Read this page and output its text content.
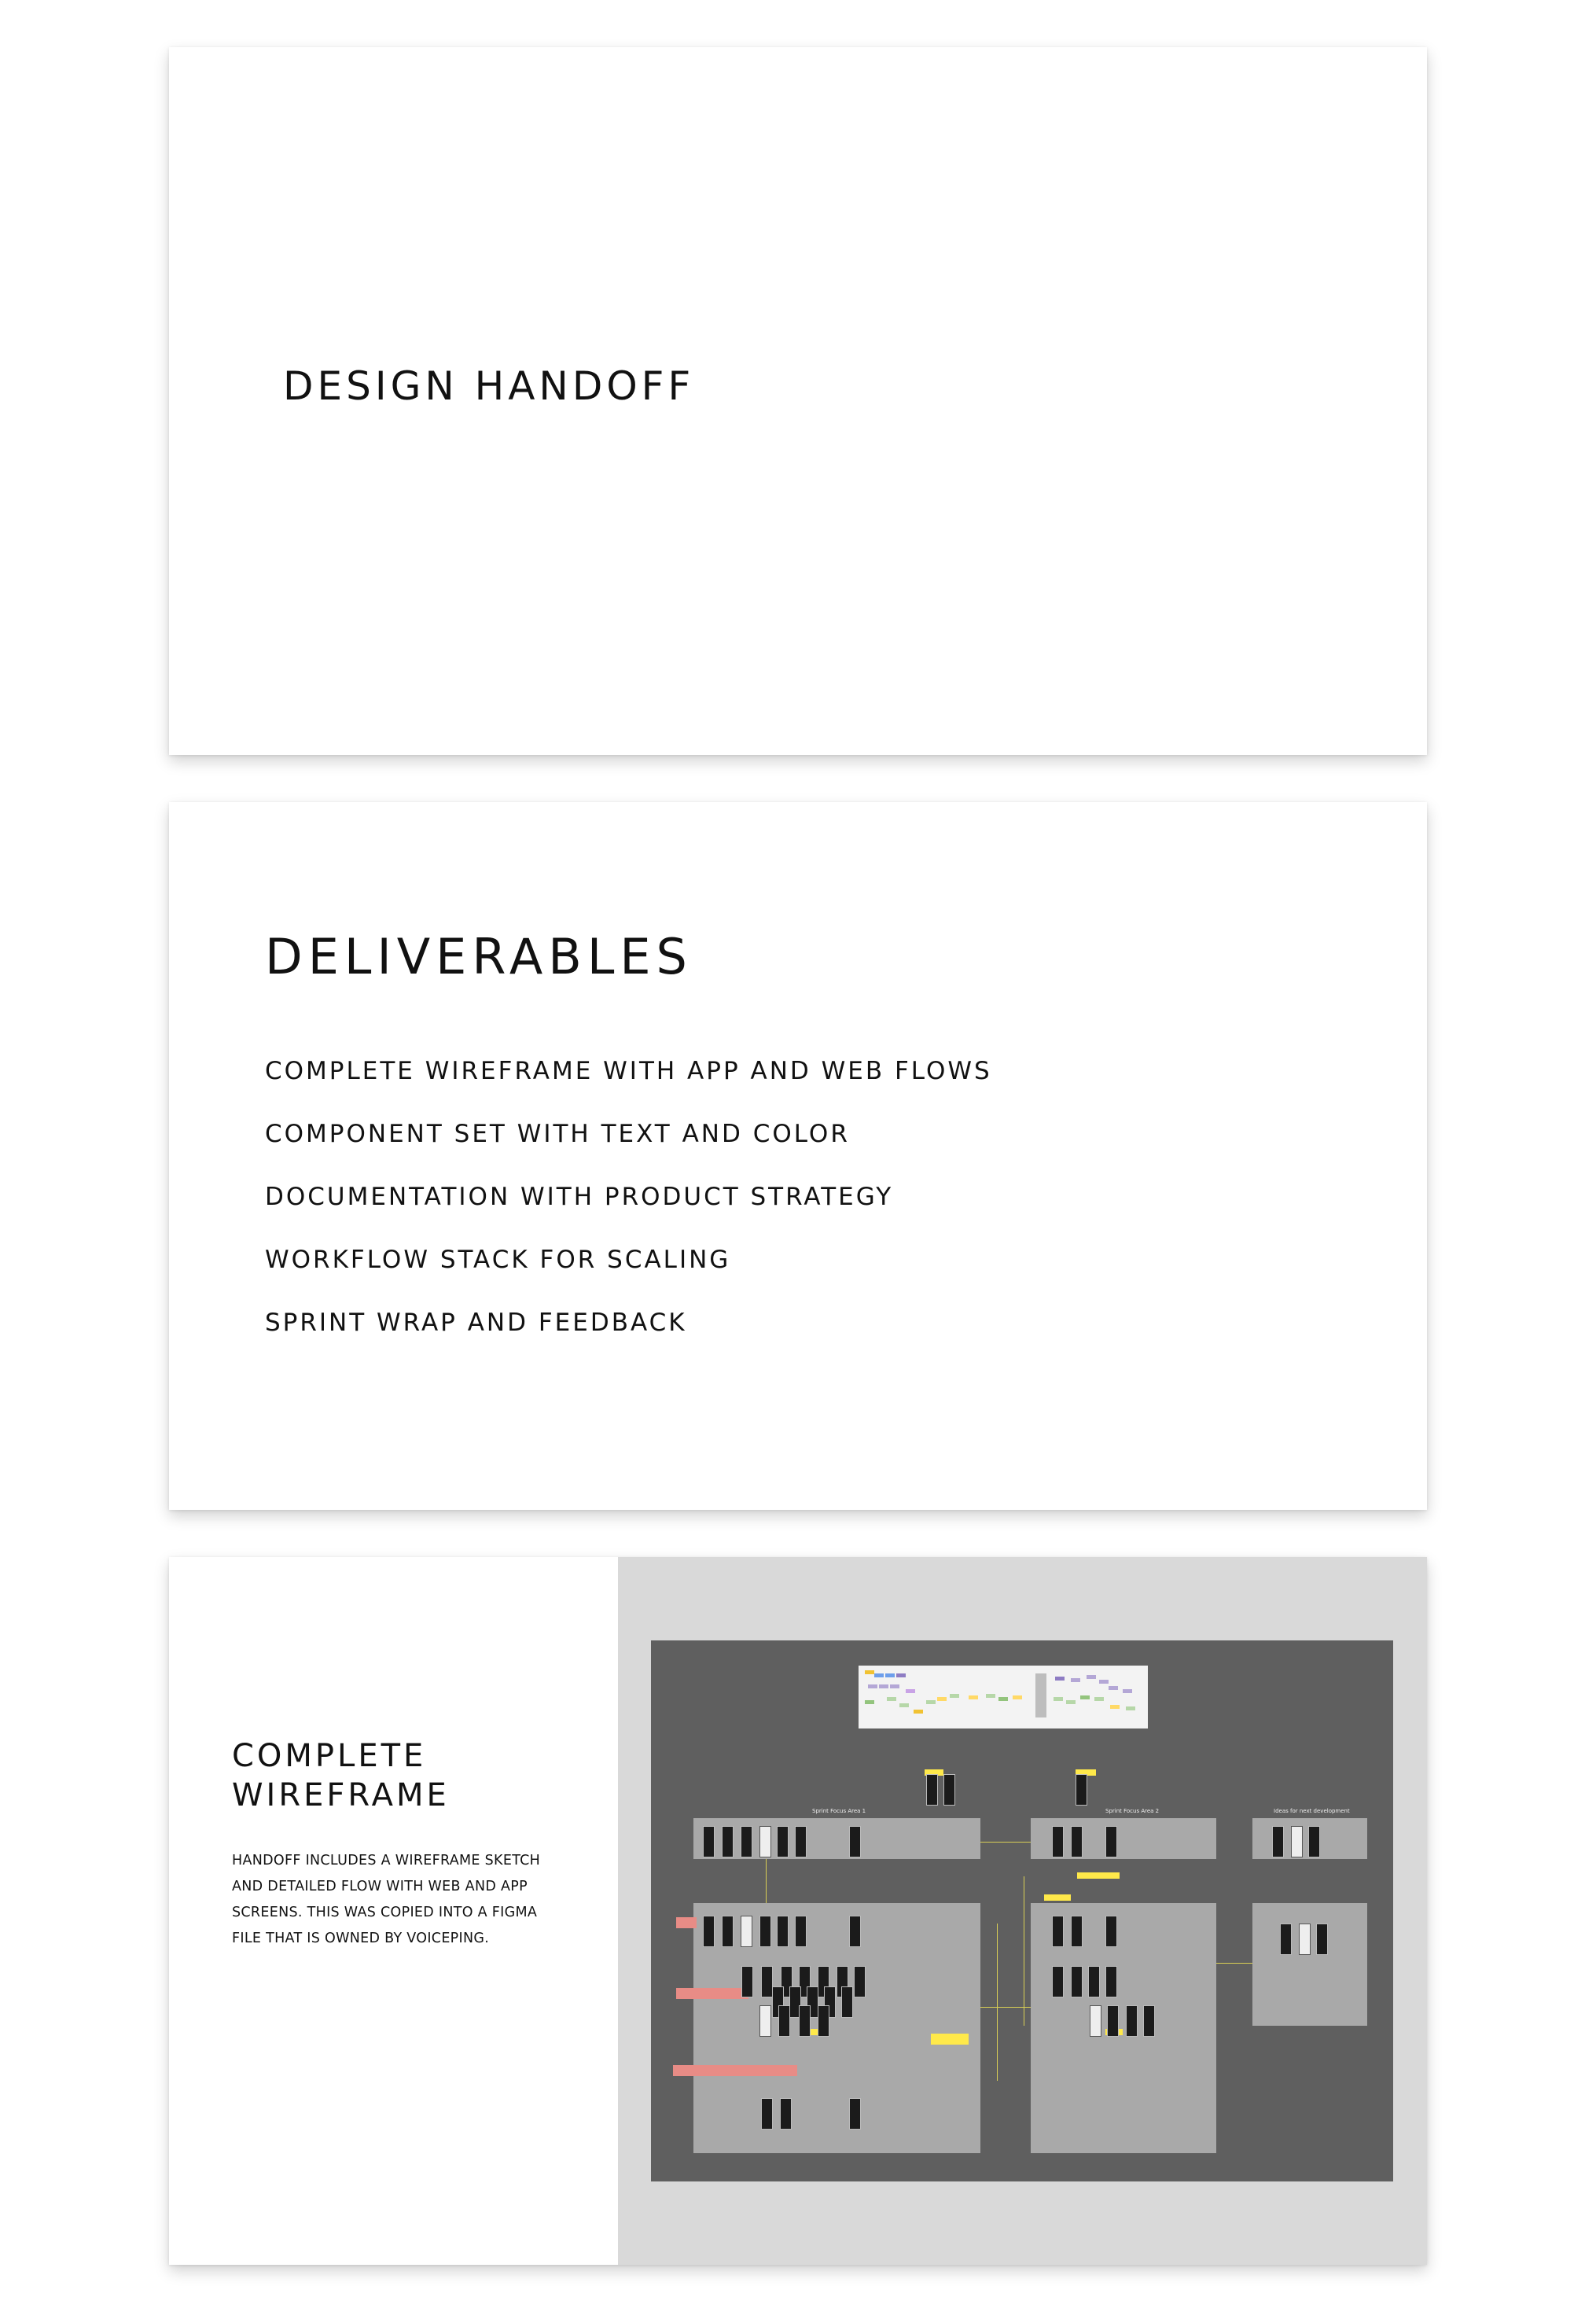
DESIGN HANDOFF
DELIVERABLES
COMPLETE WIREFRAME WITH APP AND WEB FLOWS
COMPONENT SET WITH TEXT AND COLOR
DOCUMENTATION WITH PRODUCT STRATEGY
WORKFLOW STACK FOR SCALING
SPRINT WRAP AND FEEDBACK
COMPLETE WIREFRAME

HANDOFF INCLUDES A WIREFRAME SKETCH AND DETAILED FLOW WITH WEB AND APP SCREENS. THIS WAS COPIED INTO A FIGMA FILE THAT IS OWNED BY VOICEPING.

Sprint Focus Area 1	Sprint Focus Area 2	Ideas for next development
